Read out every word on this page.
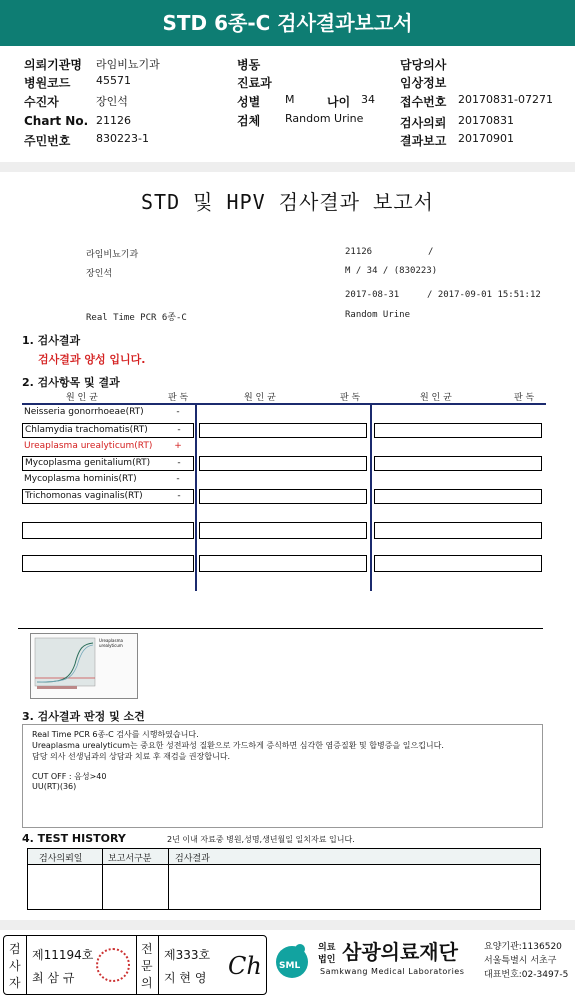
STD 6종-C 검사결과보고서
의뢰기관명 라임비뇨기과
병원코드 45571
수진자	장인석
Chart No. 21126
주민번호 830223-1
병동
진료과
성별 M	나이 34
검체 Random Urine
담당의사
임상정보
접수번호 20170831-07271
검사의뢰 20170831
결과보고 20170901
STD 및 HPV 검사결과 보고서
라임비뇨기과	21126	/
장인석	M / 34 / (830223)
2017-08-31	/ 2017-09-01 15:51:12
Real Time PCR 6종-C	Random Urine
1. 검사결과
검사결과 양성 입니다.
2. 검사항목 및 결과
원 인 균	판 독	원 인 균	판 독	원 인 균	판 독
Neisseria gonorrhoeae(RT)	-
Chlamydia trachomatis(RT)	-
Ureaplasma urealyticum(RT) +
Mycoplasma genitalium(RT)	-
Mycoplasma hominis(RT)	-
Trichomonas vaginalis(RT)	-
Ureaplasma urealyticum
3. 검사결과 판정 및 소견
Real Time PCR 6종-C 검사를 시행하였습니다.
Ureaplasma urealyticum는 중요한 성전파성 질환으로 가드하게 증식하면 심각한 염증질환 및 합병증을 일으킵니다.
담당 의사 선생님과의 상담과 치료 후 재검을 권장합니다.
CUT OFF : 음성>40
UU(RT)(36)
4. TEST HISTORY	2년 이내 자료중 병원,성명,생년월일 일치자료 입니다.
검사의뢰일	보고서구분	검사결과
검
사
자
제11194호
최 삼 규
전
문
의
제333호
지 현 영 Ch SML
의료
법인 삼광의료재단
Samkwang Medical Laboratories
요양기관:1136520
서울특별시 서초구
대표번호:02-3497-5
